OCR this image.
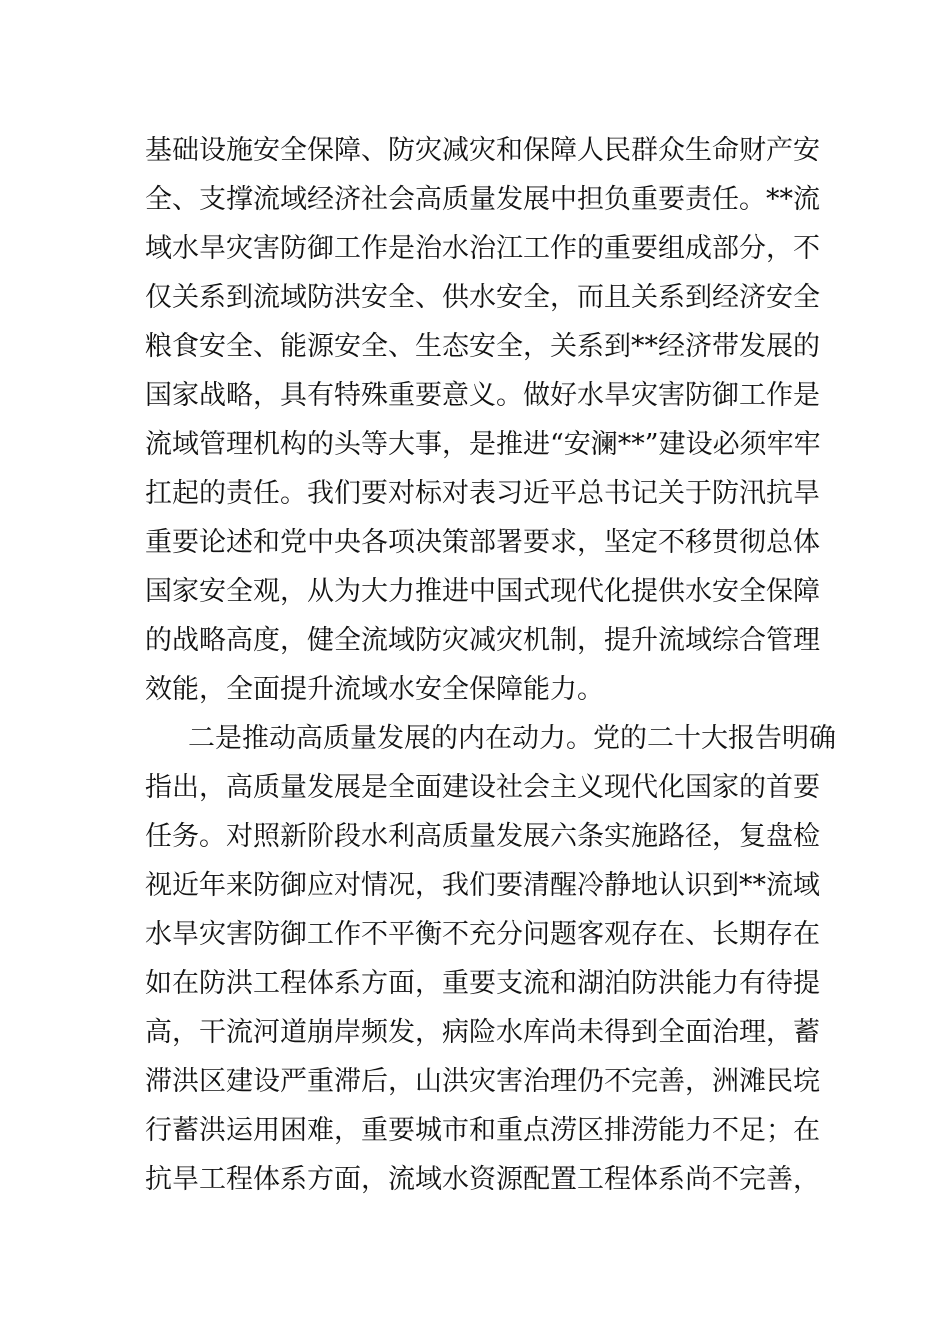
基础设施安全保障、防灾减灾和保障人民群众生命财产安
全、支撑流域经济社会高质量发展中担负重要责任。**流
域水旱灾害防御工作是治水治江工作的重要组成部分，不
仅关系到流域防洪安全、供水安全，而且关系到经济安全
粮食安全、能源安全、生态安全，关系到**经济带发展的
国家战略，具有特殊重要意义。做好水旱灾害防御工作是
流域管理机构的头等大事，是推进“安澜**”建设必须牢牢
扛起的责任。我们要对标对表习近平总书记关于防汛抗旱
重要论述和党中央各项决策部署要求，坚定不移贯彻总体
国家安全观，从为大力推进中国式现代化提供水安全保障
的战略高度，健全流域防灾减灾机制，提升流域综合管理
效能，全面提升流域水安全保障能力。
二是推动高质量发展的内在动力。党的二十大报告明确
指出，高质量发展是全面建设社会主义现代化国家的首要
任务。对照新阶段水利高质量发展六条实施路径，复盘检
视近年来防御应对情况，我们要清醒冷静地认识到**流域
水旱灾害防御工作不平衡不充分问题客观存在、长期存在
如在防洪工程体系方面，重要支流和湖泊防洪能力有待提
高，干流河道崩岸频发，病险水库尚未得到全面治理，蓄
滞洪区建设严重滞后，山洪灾害治理仍不完善，洲滩民垸
行蓄洪运用困难，重要城市和重点涝区排涝能力不足；在
抗旱工程体系方面，流域水资源配置工程体系尚不完善，
